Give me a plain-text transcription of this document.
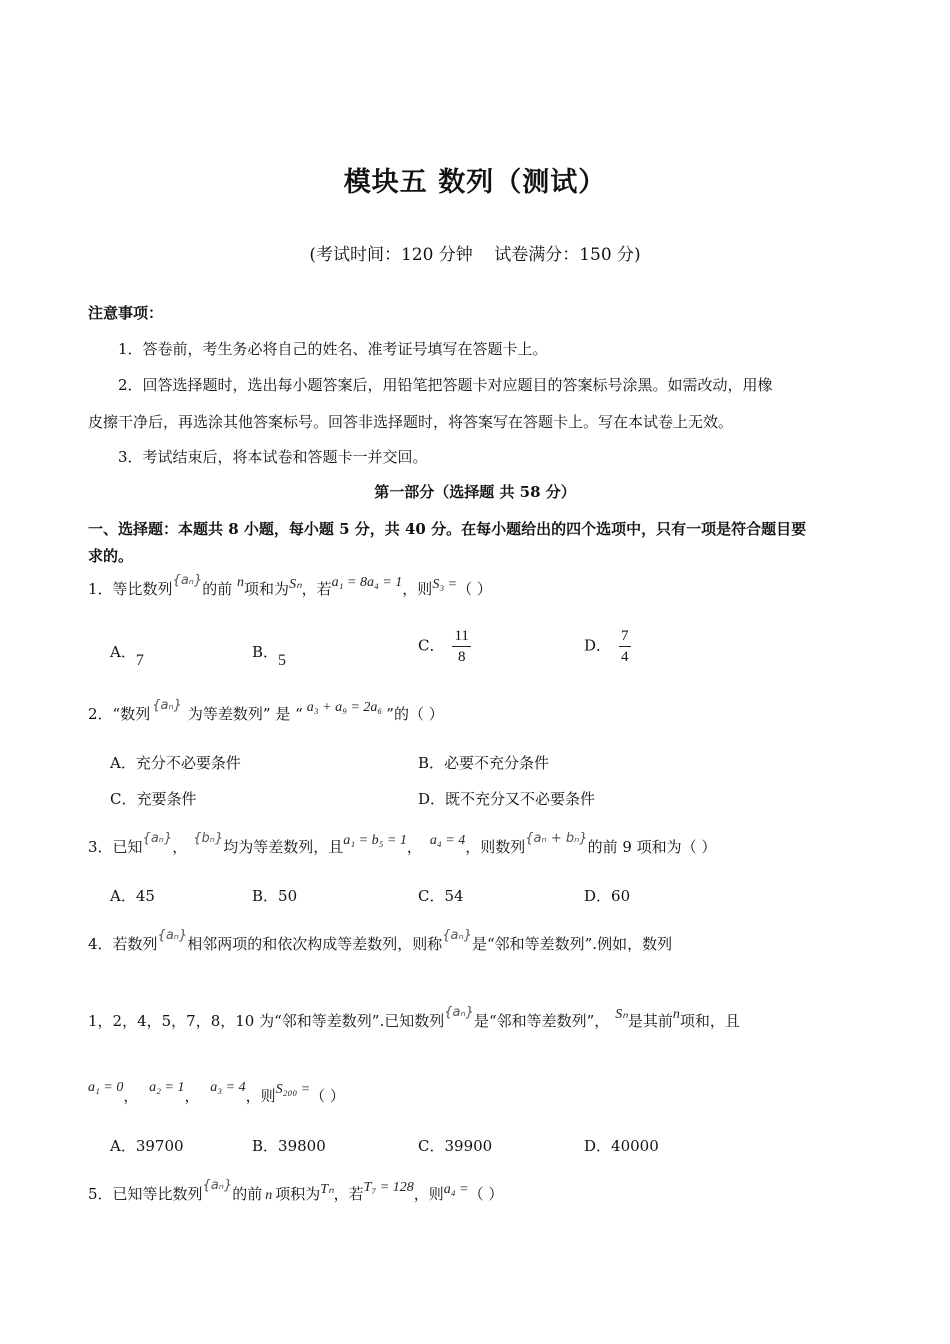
模块五 数列（测试）
(考试时间：120 分钟 试卷满分：150 分)
注意事项：
1．答卷前，考生务必将自己的姓名、准考证号填写在答题卡上。
2．回答选择题时，选出每小题答案后，用铅笔把答题卡对应题目的答案标号涂黑。如需改动，用橡
皮擦干净后，再选涂其他答案标号。回答非选择题时，将答案写在答题卡上。写在本试卷上无效。
3．考试结束后，将本试卷和答题卡一并交回。
第一部分（选择题 共 58 分）
一、选择题：本题共 8 小题，每小题 5 分，共 40 分。在每小题给出的四个选项中，只有一项是符合题目要
求的。
1．等比数列{aₙ}的前 n项和为Sₙ，若a₁ = 8a₄ = 1，则S₃ =（ ）
A．7	B．5
C． $\frac{11}{8}$	D． $\frac{7}{4}$
2．“数列 {aₙ} 为等差数列” 是 “ a₃ + a₉ = 2a₆ ”的（ ）
A．充分不必要条件	B．必要不充分条件
C．充要条件	D．既不充分又不必要条件
3．已知{aₙ}， {bₙ}均为等差数列，且a₁ = b₅ = 1， a₄ = 4，则数列{aₙ + bₙ}的前 9 项和为（ ）
A．45	B．50	C．54	D．60
4．若数列{aₙ}相邻两项的和依次构成等差数列，则称{aₙ}是“邻和等差数列”.例如，数列
1，2，4，5，7，8，10 为“邻和等差数列”.已知数列{aₙ}是“邻和等差数列”， Sₙ是其前n项和，且
a₁ = 0， a₂ = 1， a₃ = 4，则S₂₀₀ =（ ）
A．39700	B．39800	C．39900	D．40000
5．已知等比数列{aₙ}的前 n 项积为Tₙ，若T₇ = 128，则a₄ =（ ）
